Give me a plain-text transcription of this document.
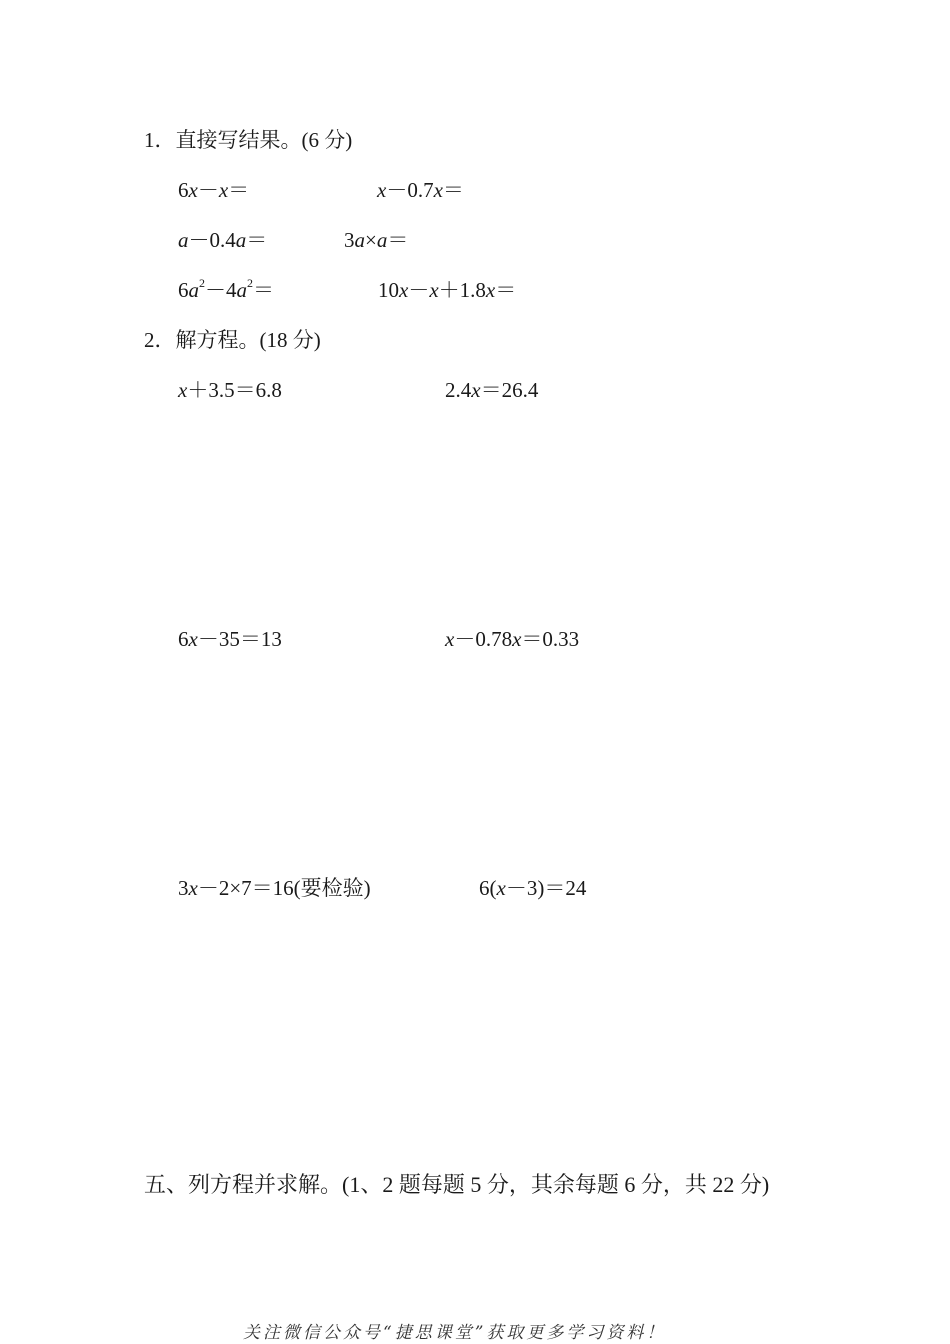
1．直接写结果。(6 分)
6x－x＝	x－0.7x＝
a－0.4a＝	3a×a＝
$6a^2-4a^2=$	10x－x＋1.8x＝
2．解方程。(18 分)
x＋3.5＝6.8	2.4x＝26.4
6x－35＝13	x－0.78x＝0.33
3x－2×7＝16(要检验)	6(x－3)＝24
五、列方程并求解。(1、2 题每题 5 分，其余每题 6 分，共 22 分)
关注微信公众号“捷思课堂”获取更多学习资料！
